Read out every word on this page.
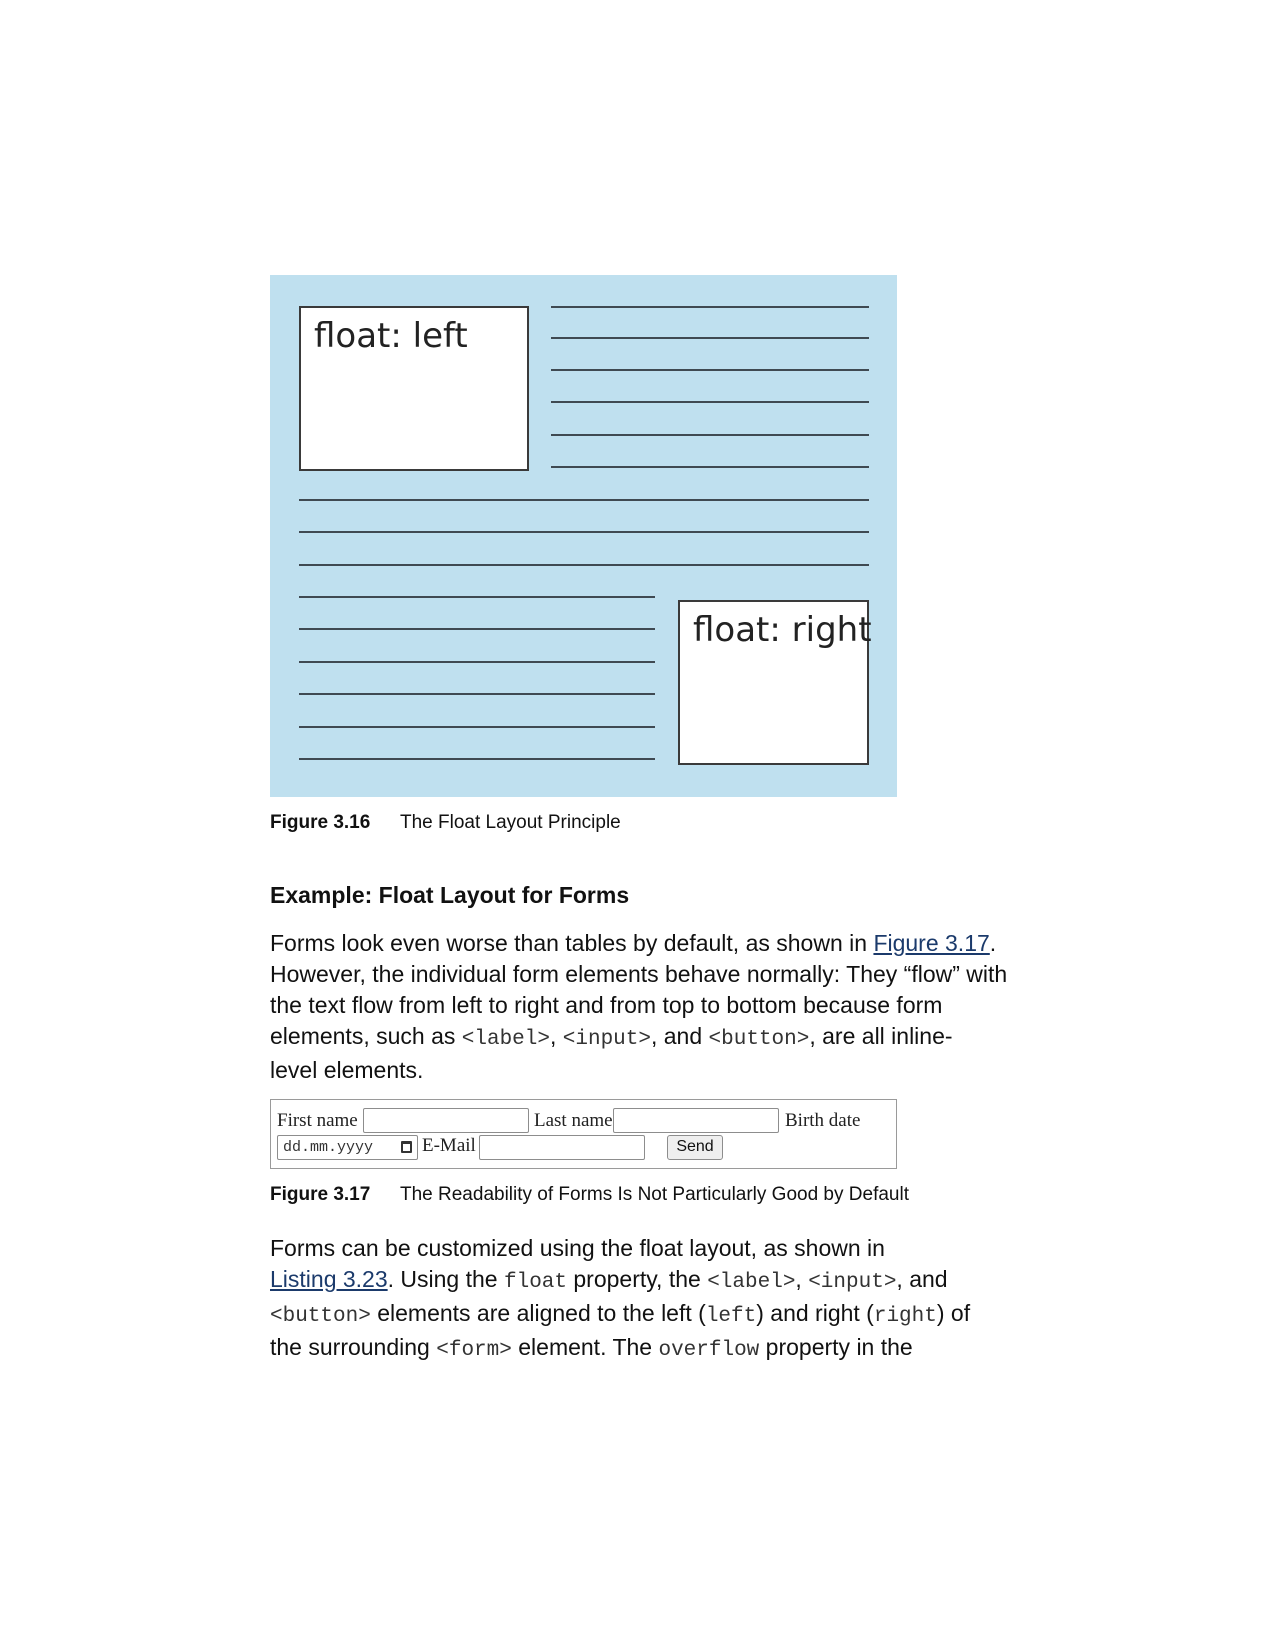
float: left
float: right
Figure 3.16 The Float Layout Principle
Example: Float Layout for Forms

Forms look even worse than tables by default, as shown in Figure 3.17.
However, the individual form elements behave normally: They “flow” with
the text flow from left to right and from top to bottom because form
elements, such as <label>, <input>, and <button>, are all inline-
level elements.

First name	Last name	Birth date
dd.mm.yyyy	E-Mail	Send
Figure 3.17 The Readability of Forms Is Not Particularly Good by Default

Forms can be customized using the float layout, as shown in
Listing 3.23. Using the float property, the <label>, <input>, and
<button> elements are aligned to the left (left) and right (right) of
the surrounding <form> element. The overflow property in the
